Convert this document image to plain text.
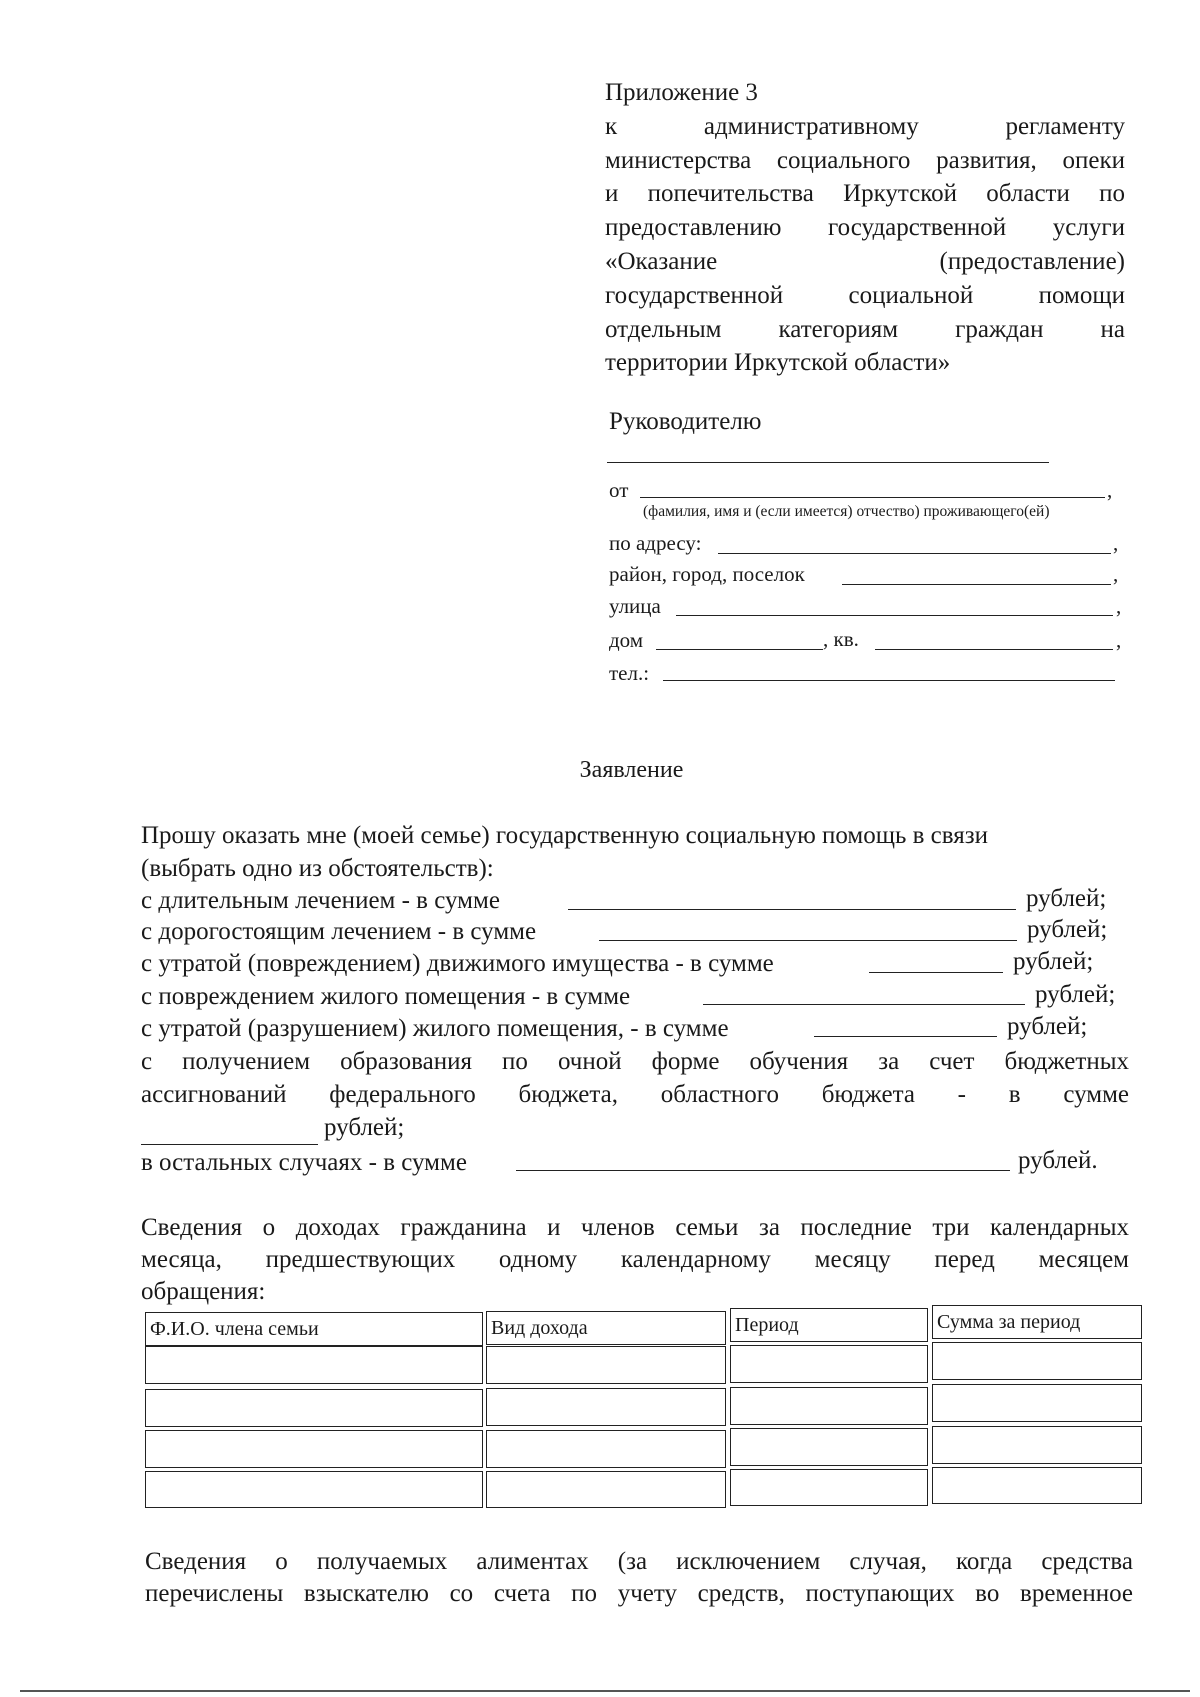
Приложение 3
к административному регламенту
министерства социального развития, опеки
и попечительства Иркутской области по
предоставлению государственной услуги
«Оказание (предоставление)
государственной социальной помощи
отдельным категориям граждан на
территории Иркутской области»
Руководителю
от	,
(фамилия, имя и (если имеется) отчество) проживающего(ей)
по адресу:	,
район, город, поселок	,
улица	,
дом	, кв.	,
тел.:
Заявление
Прошу оказать мне (моей семье) государственную социальную помощь в связи
(выбрать одно из обстоятельств):
с длительным лечением - в сумме	рублей;
с дорогостоящим лечением - в сумме	рублей;
с утратой (повреждением) движимого имущества - в сумме	рублей;
с повреждением жилого помещения - в сумме	рублей;
с утратой (разрушением) жилого помещения, - в сумме	рублей;
с получением образования по очной форме обучения за счет бюджетных
ассигнований федерального бюджета, областного бюджета - в сумме
рублей;
в остальных случаях - в сумме	рублей.
Сведения о доходах гражданина и членов семьи за последние три календарных
месяца, предшествующих одному календарному месяцу перед месяцем
обращения:
Ф.И.О. члена семьи	Вид дохода	Период	Сумма за период
Сведения о получаемых алиментах (за исключением случая, когда средства
перечислены взыскателю со счета по учету средств, поступающих во временное
